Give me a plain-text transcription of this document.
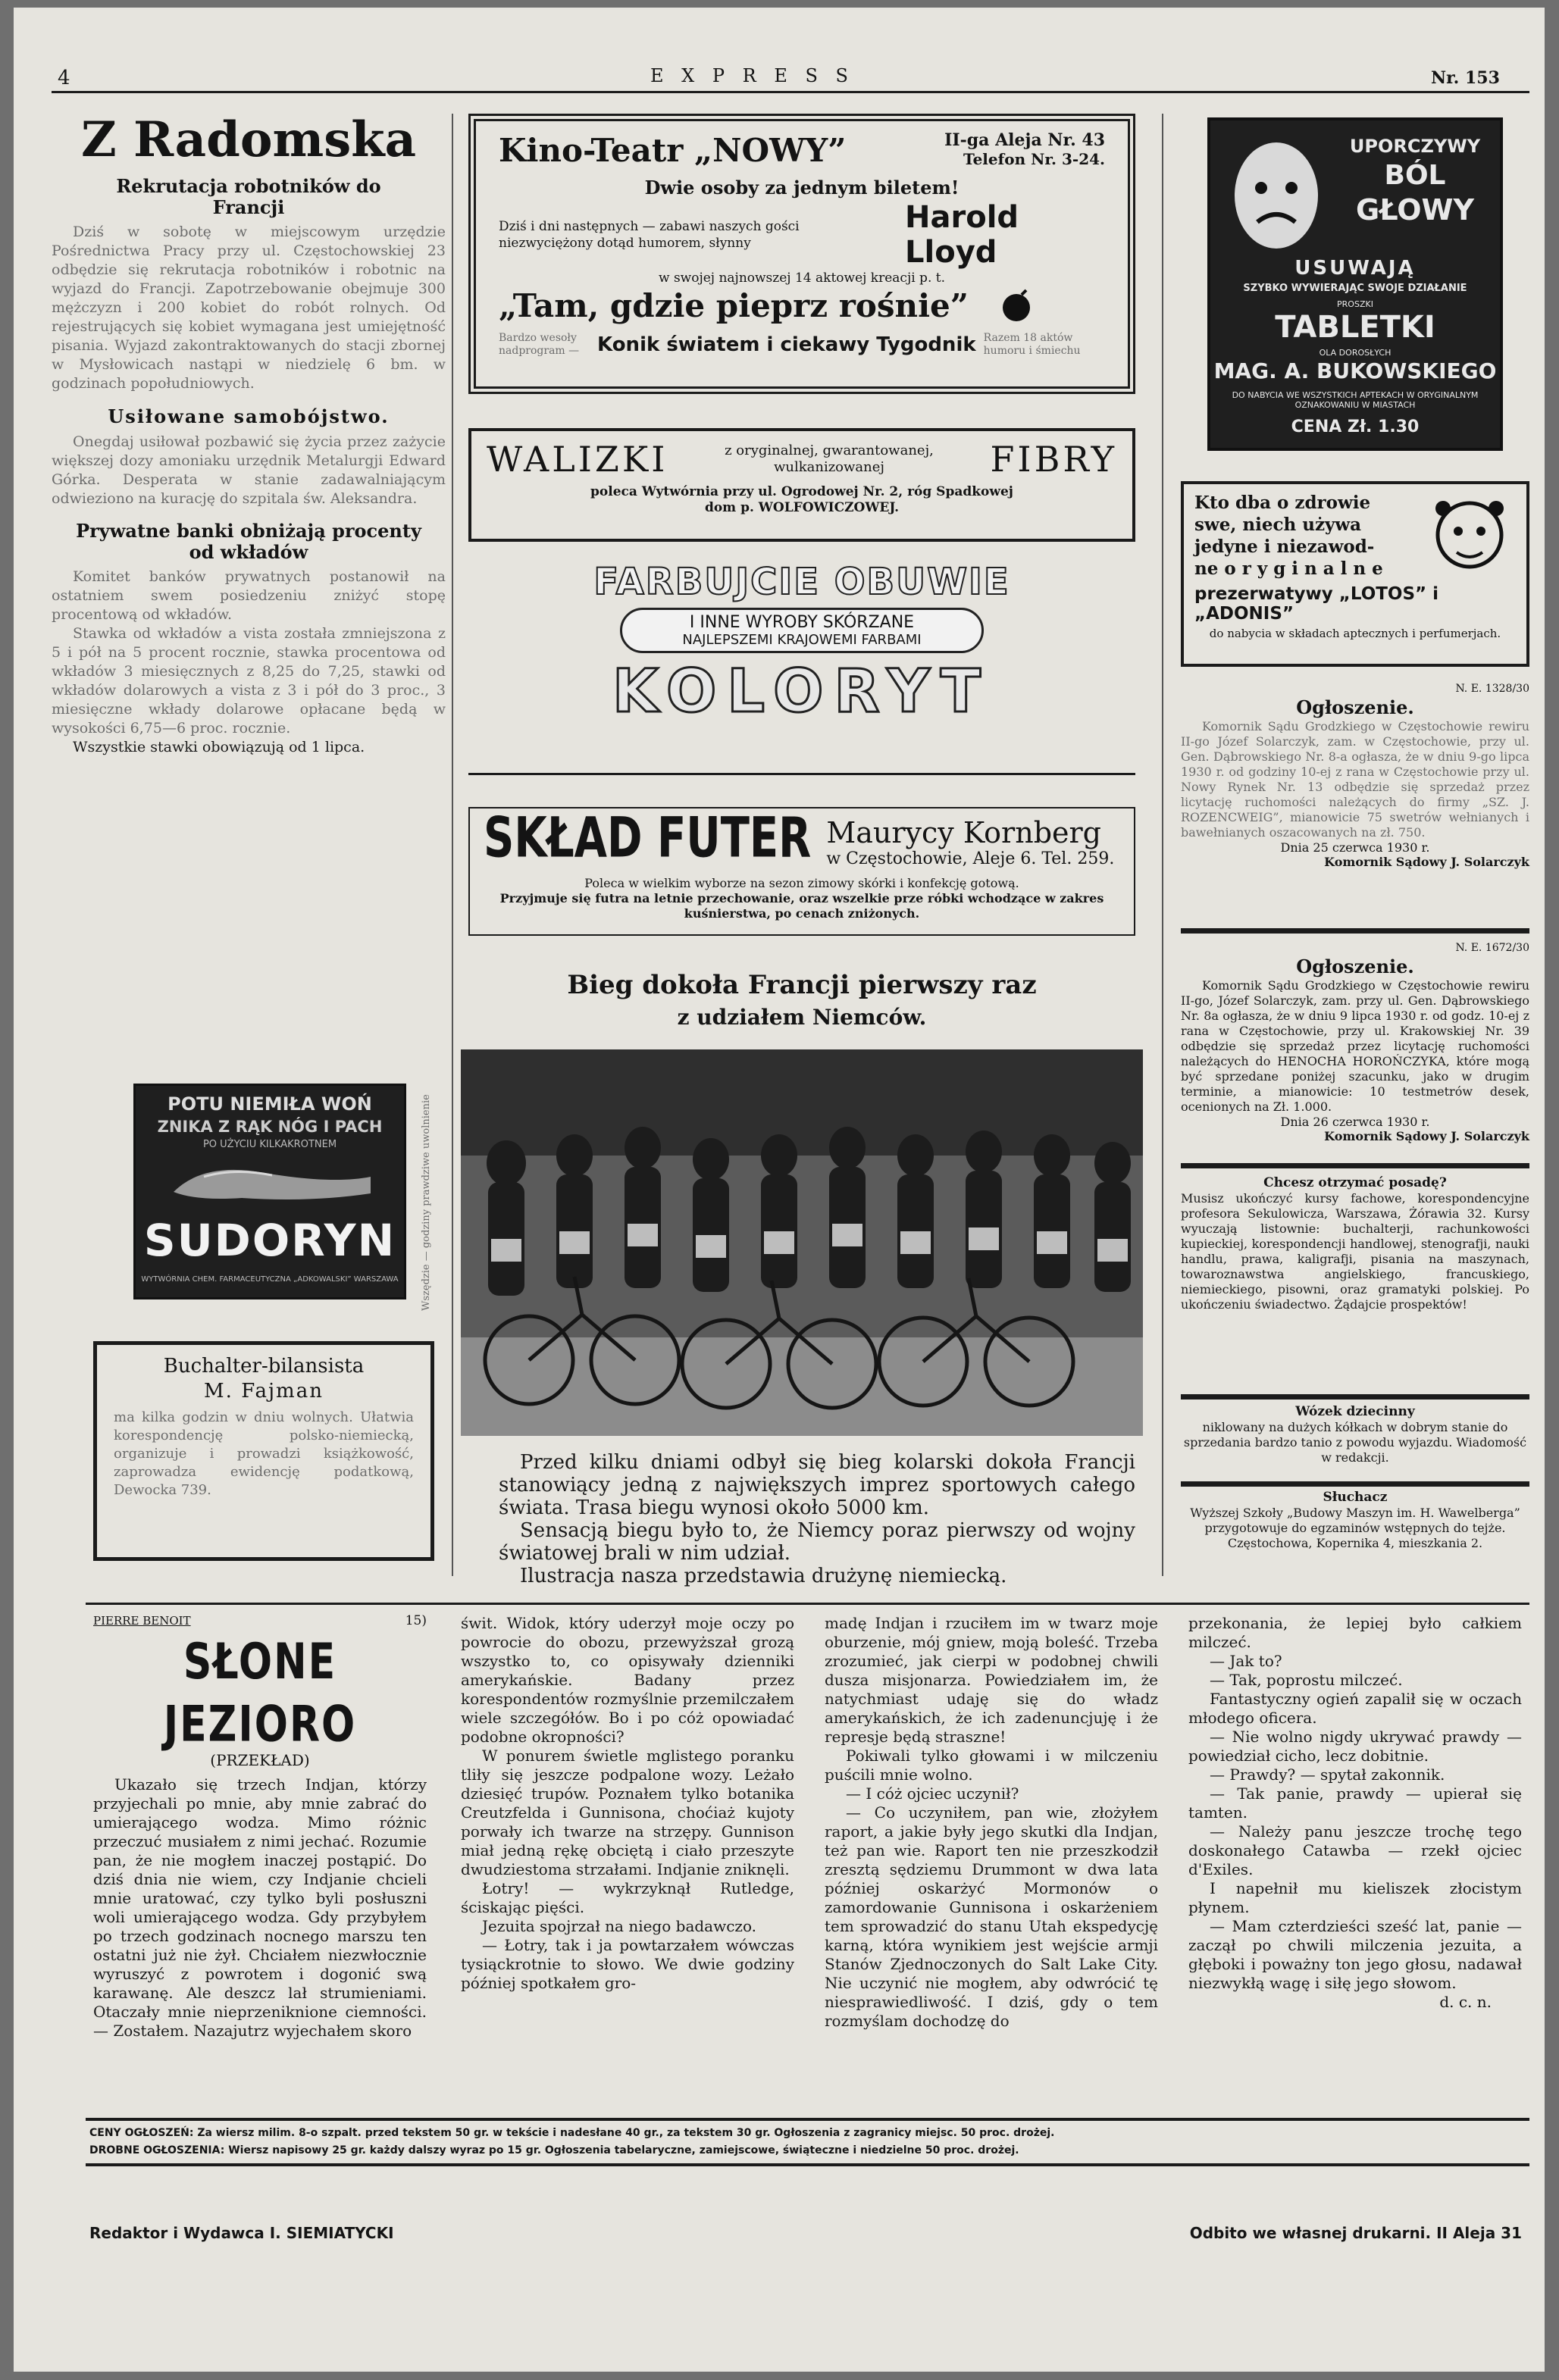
4	E X P R E S S	Nr. 153
Z Radomska
Rekrutacja robotników do Francji

Dziś w sobotę w miejscowym urzędzie Pośrednictwa Pracy przy ul. Częstochowskiej 23 odbędzie się rekrutacja robotników i robotnic na wyjazd do Francji. Zapotrzebowanie obejmuje 300 mężczyzn i 200 kobiet do robót rolnych. Od rejestrujących się kobiet wymagana jest umiejętność pisania. Wyjazd zakontraktowanych do stacji zbornej w Mysłowicach nastąpi w niedzielę 6 bm. w godzinach popołudniowych.

Usiłowane samobójstwo.

Onegdaj usiłował pozbawić się życia przez zażycie większej dozy amoniaku urzędnik Metalurgji Edward Górka. Desperata w stanie zadawalniającym odwieziono na kurację do szpitala św. Aleksandra.

Prywatne banki obniżają procenty od wkładów

Komitet banków prywatnych postanowił na ostatniem swem posiedzeniu zniżyć stopę procentową od wkładów.

Stawka od wkładów a vista została zmniejszona z 5 i pół na 5 procent rocznie, stawka procentowa od wkładów 3 miesięcznych z 8,25 do 7,25, stawki od wkładów dolarowych a vista z 3 i pół do 3 proc., 3 miesięczne wkłady dolarowe opłacane będą w wysokości 6,75—6 proc. rocznie.

Wszystkie stawki obowiązują od 1 lipca.

POTU NIEMIŁA WOŃ
ZNIKA Z RĄK NÓG I PACH
PO UŻYCIU KILKAKROTNEM
SUDORYN
WYTWÓRNIA CHEM. FARMACEUTYCZNA „ADKOWALSKI” WARSZAWA Wszędzie — godziny prawdziwe uwolnienie
Buchalter-bilansista
M. Fajman

ma kilka godzin w dniu wolnych. Ułatwia korespondencję polsko-niemiecką, organizuje i prowadzi książkowość, zaprowadza ewidencję podatkową, Dewocka 739.

Kino-Teatr „NOWY”	II-ga Aleja Nr. 43
Telefon Nr. 3-24.
Dwie osoby za jednym biletem!
Dziś i dni następnych — zabawi naszych gości niezwyciężony dotąd humorem, słynny
Harold Lloyd
w swojej najnowszej 14 aktowej kreacji p. t.
„Tam, gdzie pieprz rośnie”
Bardzo wesoły nadprogram — Konik światem i ciekawy Tygodnik Razem 18 aktów humoru i śmiechu
WALIZKI	z oryginalnej, gwarantowanej,
wulkanizowanej	FIBRY
poleca Wytwórnia przy ul. Ogrodowej Nr. 2, róg Spadkowej dom p. WOLFOWICZOWEJ.
FARBUJCIE OBUWIE
I INNE WYROBY SKÓRZANE
NAJLEPSZEMI KRAJOWEMI FARBAMI
KOLORYT
SKŁAD FUTER Maurycy Kornberg
w Częstochowie, Aleje 6. Tel. 259.
Poleca w wielkim wyborze na sezon zimowy skórki i konfekcję gotową.
Przyjmuje się futra na letnie przechowanie, oraz wszelkie prze róbki wchodzące w zakres kuśnierstwa, po cenach zniżonych.
Bieg dokoła Francji pierwszy raz
z udziałem Niemców.

Przed kilku dniami odbył się bieg kolarski dokoła Francji stanowiący jedną z największych imprez sportowych całego świata. Trasa biegu wynosi około 5000 km.

Sensacją biegu było to, że Niemcy poraz pierwszy od wojny światowej brali w nim udział.

Ilustracja nasza przedstawia drużynę niemiecką.

UPORCZYWY
BÓL
GŁOWY
USUWAJĄ
SZYBKO WYWIERAJĄC SWOJE DZIAŁANIE
PROSZKI
TABLETKI
OLA DOROSŁYCH
MAG. A. BUKOWSKIEGO
DO NABYCIA WE WSZYSTKICH APTEKACH W ORYGINALNYM OZNAKOWANIU W MIASTACH
CENA Zł. 1.30
Kto dba o zdrowie
swe, niech używa
jedyne i niezawod-
ne o r y g i n a l n e
prezerwatywy „LOTOS” i „ADONIS”
do nabycia w składach aptecznych i perfumerjach.
N. E. 1328/30
Ogłoszenie.

Komornik Sądu Grodzkiego w Częstochowie rewiru II-go Józef Solarczyk, zam. w Częstochowie, przy ul. Gen. Dąbrowskiego Nr. 8-a ogłasza, że w dniu 9-go lipca 1930 r. od godziny 10-ej z rana w Częstochowie przy ul. Nowy Rynek Nr. 13 odbędzie się sprzedaż przez licytację ruchomości należących do firmy „SZ. J. ROZENCWEIG”, mianowicie 75 swetrów wełnianych i bawełnianych oszacowanych na zł. 750.

Dnia 25 czerwca 1930 r.
Komornik Sądowy J. Solarczyk
N. E. 1672/30
Ogłoszenie.

Komornik Sądu Grodzkiego w Częstochowie rewiru II-go, Józef Solarczyk, zam. przy ul. Gen. Dąbrowskiego Nr. 8a ogłasza, że w dniu 9 lipca 1930 r. od godz. 10-ej z rana w Częstochowie, przy ul. Krakowskiej Nr. 39 odbędzie się sprzedaż przez licytację ruchomości należących do HENOCHA HOROŃCZYKA, które mogą być sprzedane poniżej szacunku, jako w drugim terminie, a mianowicie: 10 testmetrów desek, ocenionych na Zł. 1.000.

Dnia 26 czerwca 1930 r.
Komornik Sądowy J. Solarczyk
Chcesz otrzymać posadę?

Musisz ukończyć kursy fachowe, korespondencyjne profesora Sekulowicza, Warszawa, Żórawia 32. Kursy wyuczają listownie: buchalterji, rachunkowości kupieckiej, korespondencji handlowej, stenografji, nauki handlu, prawa, kaligrafji, pisania na maszynach, towaroznawstwa angielskiego, francuskiego, niemieckiego, pisowni, oraz gramatyki polskiej. Po ukończeniu świadectwo. Żądajcie prospektów!

Wózek dziecinny

niklowany na dużych kółkach w dobrym stanie do sprzedania bardzo tanio z powodu wyjazdu. Wiadomość w redakcji.

Słuchacz

Wyższej Szkoły „Budowy Maszyn im. H. Wawelberga” przygotowuje do egzaminów wstępnych do tejże. Częstochowa, Kopernika 4, mieszkania 2.

PIERRE BENOIT	15)
SŁONE JEZIORO
(PRZEKŁAD)

Ukazało się trzech Indjan, którzy przyjechali po mnie, aby mnie zabrać do umierającego wodza. Mimo różnic przeczuć musiałem z nimi jechać. Rozumie pan, że nie mogłem inaczej postąpić. Do dziś dnia nie wiem, czy Indjanie chcieli mnie uratować, czy tylko byli posłuszni woli umierającego wodza. Gdy przybyłem po trzech godzinach nocnego marszu ten ostatni już nie żył. Chciałem niezwłocznie wyruszyć z powrotem i dogonić swą karawanę. Ale deszcz lał strumieniami. Otaczały mnie nieprzeniknione ciemności. — Zostałem. Nazajutrz wyjechałem skoro

świt. Widok, który uderzył moje oczy po powrocie do obozu, przewyższał grozą wszystko to, co opisywały dzienniki amerykańskie. Badany przez korespondentów rozmyślnie przemilczałem wiele szczegółów. Bo i po cóż opowiadać podobne okropności?

W ponurem świetle mglistego poranku tliły się jeszcze podpalone wozy. Leżało dziesięć trupów. Poznałem tylko botanika Creutzfelda i Gunnisona, choćiaż kujoty porwały ich twarze na strzępy. Gunnison miał jedną rękę obciętą i ciało przeszyte dwudziestoma strzałami. Indjanie zniknęli.

Łotry! — wykrzyknął Rutledge, ściskając pięści.

Jezuita spojrzał na niego badawczo.

— Łotry, tak i ja powtarzałem wówczas tysiąckrotnie to słowo. We dwie godziny później spotkałem gro-

madę Indjan i rzuciłem im w twarz moje oburzenie, mój gniew, moją boleść. Trzeba zrozumieć, jak cierpi w podobnej chwili dusza misjonarza. Powiedziałem im, że natychmiast udaję się do władz amerykańskich, że ich zadenuncjuję i że represje będą straszne!

Pokiwali tylko głowami i w milczeniu puścili mnie wolno.

— I cóż ojciec uczynił?

— Co uczyniłem, pan wie, złożyłem raport, a jakie były jego skutki dla Indjan, też pan wie. Raport ten nie przeszkodził zresztą sędziemu Drummont w dwa lata później oskarżyć Mormonów o zamordowanie Gunnisona i oskarżeniem tem sprowadzić do stanu Utah ekspedycję karną, która wynikiem jest wejście armji Stanów Zjednoczonych do Salt Lake City. Nie uczynić nie mogłem, aby odwrócić tę niesprawiedliwość. I dziś, gdy o tem rozmyślam dochodzę do

przekonania, że lepiej było całkiem milczeć.

— Jak to?

— Tak, poprostu milczeć.

Fantastyczny ogień zapalił się w oczach młodego oficera.

— Nie wolno nigdy ukrywać prawdy — powiedział cicho, lecz dobitnie.

— Prawdy? — spytał zakonnik.

— Tak panie, prawdy — upierał się tamten.

— Należy panu jeszcze trochę tego doskonałego Catawba — rzekł ojciec d'Exiles.

I napełnił mu kieliszek złocistym płynem.

— Mam czterdzieści sześć lat, panie — zaczął po chwili milczenia jezuita, a głęboki i poważny ton jego głosu, nadawał niezwykłą wagę i siłę jego słowom.

d. c. n.
CENY OGŁOSZEŃ: Za wiersz milim. 8-o szpalt. przed tekstem 50 gr. w tekście i nadesłane 40 gr., za tekstem 30 gr. Ogłoszenia z zagranicy miejsc. 50 proc. drożej.
DROBNE OGŁOSZENIA: Wiersz napisowy 25 gr. każdy dalszy wyraz po 15 gr. Ogłoszenia tabelaryczne, zamiejscowe, świąteczne i niedzielne 50 proc. drożej.
Redaktor i Wydawca I. SIEMIATYCKI	Odbito we własnej drukarni. II Aleja 31
